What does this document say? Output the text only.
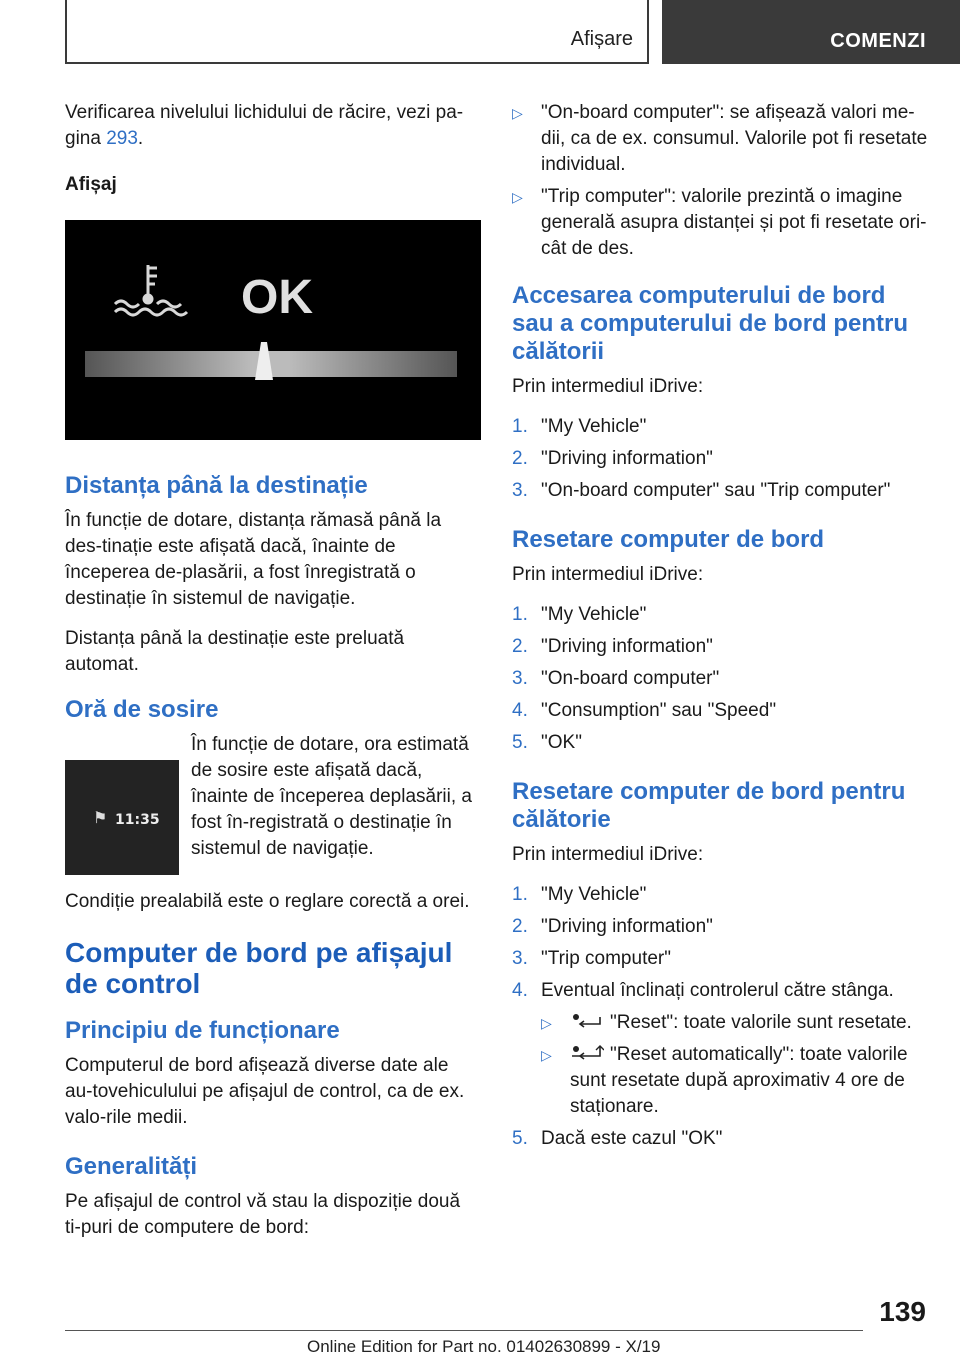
Afișare	COMENZI

Verificarea nivelului lichidului de răcire, vezi pa-gina 293.

Afișaj
OK
Distanța până la destinație

În funcție de dotare, distanța rămasă până la des-tinație este afișată dacă, înainte de începerea de-plasării, a fost înregistrată o destinație în sistemul de navigație.

Distanța până la destinație este preluată automat.

Oră de sosire
⚑ 11:35
În funcție de dotare, ora estimată de sosire este afișată dacă, înainte de începerea deplasării, a fost în-registrată o destinație în sistemul de navigație.

Condiție prealabilă este o reglare corectă a orei.

Computer de bord pe afișajul de control
Principiu de funcționare

Computerul de bord afișează diverse date ale au-tovehiculului pe afișajul de control, ca de ex. valo-rile medii.

Generalități

Pe afișajul de control vă stau la dispoziție două ti-puri de computere de bord:

▷ "On-board computer": se afișează valori me-dii, ca de ex. consumul. Valorile pot fi resetate individual.
▷ "Trip computer": valorile prezintă o imagine generală asupra distanței și pot fi resetate ori-cât de des.
Accesarea computerului de bord sau a computerului de bord pentru călătorii

Prin intermediul iDrive:

1. "My Vehicle"
2. "Driving information"
3. "On-board computer" sau "Trip computer"
Resetare computer de bord

Prin intermediul iDrive:

1. "My Vehicle"
2. "Driving information"
3. "On-board computer"
4. "Consumption" sau "Speed"
5. "OK"
Resetare computer de bord pentru călătorie

Prin intermediul iDrive:

1. "My Vehicle"
2. "Driving information"
3. "Trip computer"
4. Eventual înclinați controlerul către stânga.
▷	"Reset": toate valorile sunt resetate.
▷	"Reset automatically": toate valorile sunt resetate după aproximativ 4 ore de staționare.
5. Dacă este cazul "OK"
139
Online Edition for Part no. 01402630899 - X/19
